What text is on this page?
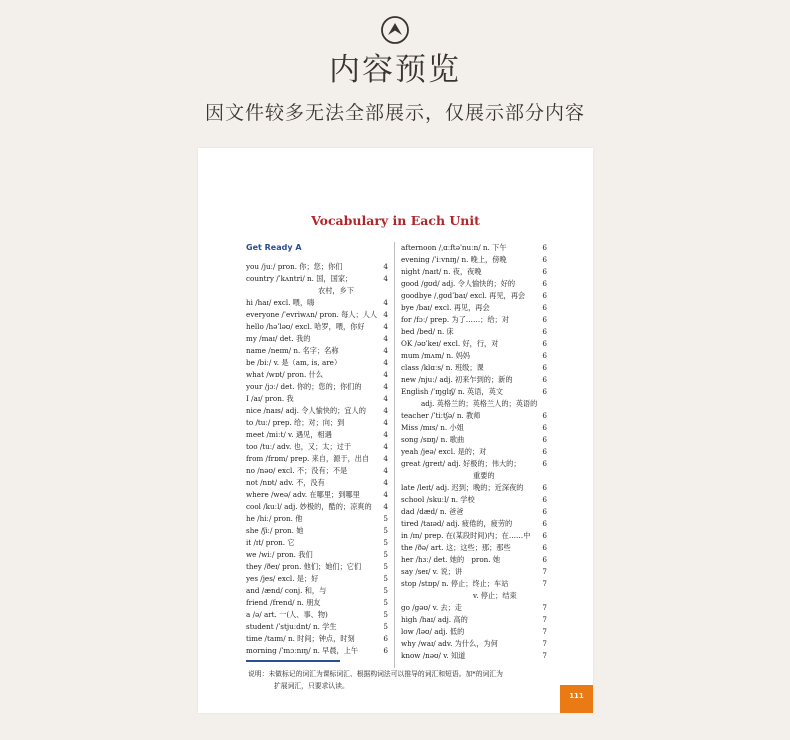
内容预览
因文件较多无法全部展示，仅展示部分内容
Vocabulary in Each Unit
Get Ready A
you /juː/ pron. 你；您；你们	4
country /ˈkʌntri/ n. 国，国家；	4
农村，乡下
hi /haɪ/ excl. 喂，嗨	4
everyone /ˈevriwʌn/ pron. 每人；人人 4
hello /həˈləʊ/ excl. 哈罗，喂，你好	4
my /maɪ/ det. 我的	4
name /neɪm/ n. 名字；名称	4
be /biː/ v. 是（am, is, are）	4
what /wɒt/ pron. 什么	4
your /jɔː/ det. 你的；您的；你们的	4
I /aɪ/ pron. 我	4
nice /naɪs/ adj. 令人愉快的；宜人的	4
to /tuː/ prep. 给；对；向；到	4
meet /miːt/ v. 遇见，相遇	4
too /tuː/ adv. 也，又；太；过于	4
from /frɒm/ prep. 来自，源于，出自	4
no /nəʊ/ excl. 不；没有；不是	4
not /nɒt/ adv. 不，没有	4
where /weə/ adv. 在哪里；到哪里	4
cool /kuːl/ adj. 妙极的，酷的；凉爽的	4
he /hiː/ pron. 他	5
she /ʃiː/ pron. 她	5
it /ɪt/ pron. 它	5
we /wiː/ pron. 我们	5
they /ðeɪ/ pron. 他们；她们；它们	5
yes /jes/ excl. 是；好	5
and /ænd/ conj. 和，与	5
friend /frend/ n. 朋友	5
a /ə/ art. 一(人、事、物)	5
student /ˈstjuːdnt/ n. 学生	5
time /taɪm/ n. 时间；钟点，时刻	6
morning /ˈmɔːnɪŋ/ n. 早晨，上午	6
afternoon /ˌɑːftəˈnuːn/ n. 下午	6
evening /ˈiːvnɪŋ/ n. 晚上，傍晚	6
night /naɪt/ n. 夜，夜晚	6
good /gʊd/ adj. 令人愉快的；好的	6
goodbye /ˌgʊdˈbaɪ/ excl. 再见，再会	6
bye /baɪ/ excl. 再见，再会	6
for /fɔː/ prep. 为了……；给；对	6
bed /bed/ n. 床	6
OK /əʊˈkeɪ/ excl. 好，行，对	6
mum /mʌm/ n. 妈妈	6
class /klɑːs/ n. 班级；课	6
new /njuː/ adj. 初来乍到的；新的	6
English /ˈɪŋglɪʃ/ n. 英语，英文	6
adj. 英格兰的；英格兰人的；英语的
teacher /ˈtiːtʃə/ n. 教师	6
Miss /mɪs/ n. 小姐	6
song /sɒŋ/ n. 歌曲	6
yeah /jeə/ excl. 是的；对	6
great /greɪt/ adj. 好极的；伟大的；	6
重要的
late /leɪt/ adj. 迟到；晚的；近深夜的	6
school /skuːl/ n. 学校	6
dad /dæd/ n. 爸爸	6
tired /taɪəd/ adj. 疲倦的，疲劳的	6
in /ɪn/ prep. 在(某段时间)内；在……中	6
the /ðə/ art. 这；这些；那；那些	6
her /hɜː/ det. 她的　pron. 她	6
say /seɪ/ v. 说；讲	7
stop /stɒp/ n. 停止；终止；车站	7
v. 停止；结束
go /gəʊ/ v. 去；走	7
high /haɪ/ adj. 高的	7
low /ləʊ/ adj. 低的	7
why /waɪ/ adv. 为什么，为何	7
know /nəʊ/ v. 知道	7
说明：未做标记的词汇为课标词汇、根据构词法可以推导的词汇和短语。加*的词汇为
扩展词汇，只要求认读。
111
